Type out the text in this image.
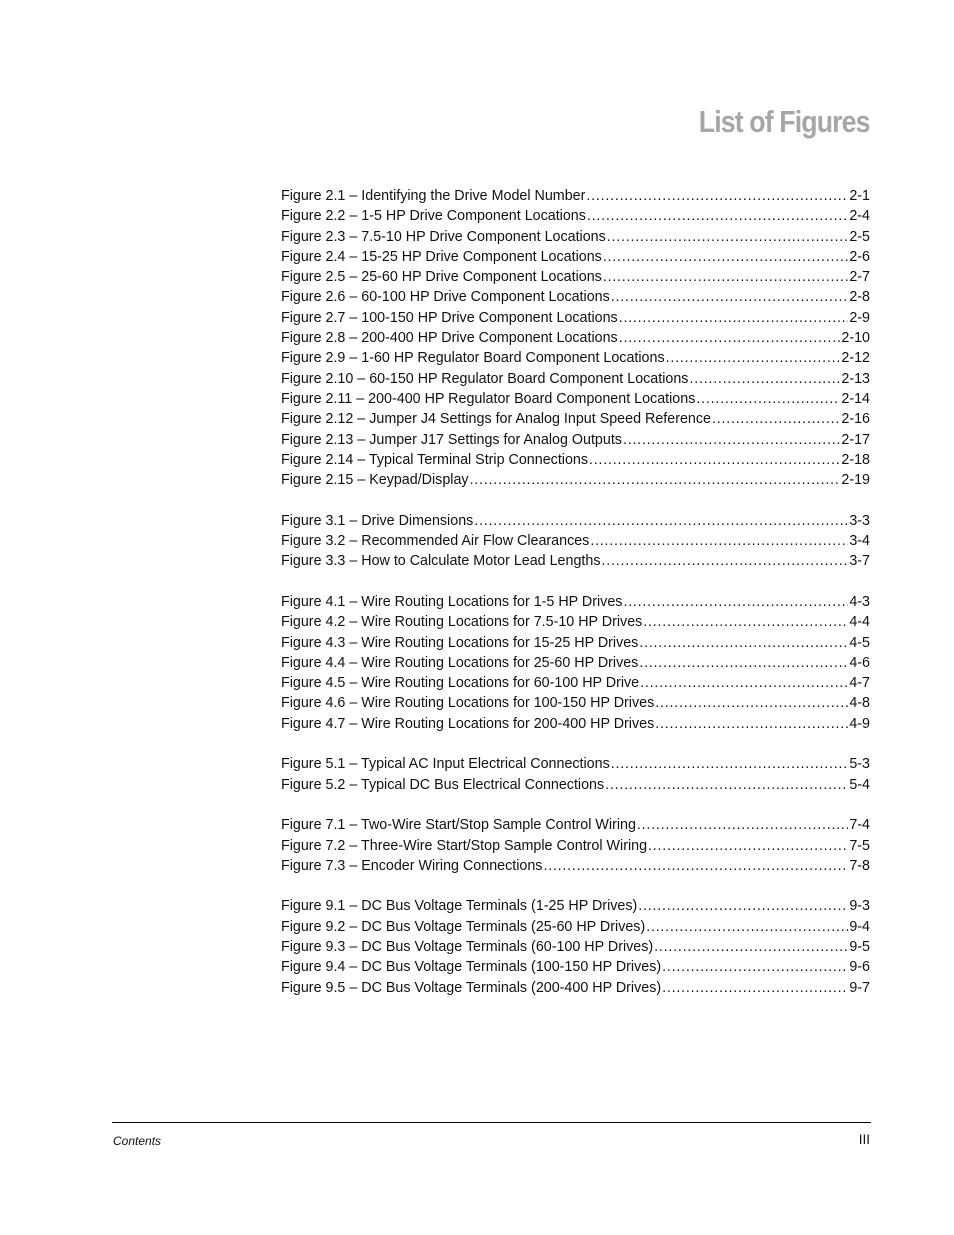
List of Figures
Figure 2.1 – Identifying the Drive Model Number . . .	2-1
Figure 2.2 – 1-5 HP Drive Component Locations . . .	2-4
Figure 2.3 – 7.5-10 HP Drive Component Locations . . .	2-5
Figure 2.4 – 15-25 HP Drive Component Locations . . .	2-6
Figure 2.5 – 25-60 HP Drive Component Locations . . .	2-7
Figure 2.6 – 60-100 HP Drive Component Locations . . .	2-8
Figure 2.7 – 100-150 HP Drive Component Locations . . .	2-9
Figure 2.8 – 200-400 HP Drive Component Locations . . .	2-10
Figure 2.9 – 1-60 HP Regulator Board Component Locations . . .	2-12
Figure 2.10 – 60-150 HP Regulator Board Component Locations . . .	2-13
Figure 2.11 – 200-400 HP Regulator Board Component Locations . . .	2-14
Figure 2.12 – Jumper J4 Settings for Analog Input Speed Reference . . .	2-16
Figure 2.13 – Jumper J17 Settings for Analog Outputs . . .	2-17
Figure 2.14 – Typical Terminal Strip Connections . . .	2-18
Figure 2.15 – Keypad/Display . . .	2-19
Figure 3.1 – Drive Dimensions . . .	3-3
Figure 3.2 – Recommended Air Flow Clearances . . .	3-4
Figure 3.3 – How to Calculate Motor Lead Lengths . . .	3-7
Figure 4.1 – Wire Routing Locations for 1-5 HP Drives . . .	4-3
Figure 4.2 – Wire Routing Locations for 7.5-10 HP Drives . . .	4-4
Figure 4.3 – Wire Routing Locations for 15-25 HP Drives . . .	4-5
Figure 4.4 – Wire Routing Locations for 25-60 HP Drives . . .	4-6
Figure 4.5 – Wire Routing Locations for 60-100 HP Drive . . .	4-7
Figure 4.6 – Wire Routing Locations for 100-150 HP Drives . . .	4-8
Figure 4.7 – Wire Routing Locations for 200-400 HP Drives . . .	4-9
Figure 5.1 – Typical AC Input Electrical Connections . . .	5-3
Figure 5.2 – Typical DC Bus Electrical Connections . . .	5-4
Figure 7.1 – Two-Wire Start/Stop Sample Control Wiring . . .	7-4
Figure 7.2 – Three-Wire Start/Stop Sample Control Wiring . . .	7-5
Figure 7.3 – Encoder Wiring Connections . . .	7-8
Figure 9.1 – DC Bus Voltage Terminals (1-25 HP Drives) . . .	9-3
Figure 9.2 – DC Bus Voltage Terminals (25-60 HP Drives) . . .	9-4
Figure 9.3 – DC Bus Voltage Terminals (60-100 HP Drives) . . .	9-5
Figure 9.4 – DC Bus Voltage Terminals (100-150 HP Drives) . . .	9-6
Figure 9.5 – DC Bus Voltage Terminals (200-400 HP Drives) . . .	9-7
Contents	III
